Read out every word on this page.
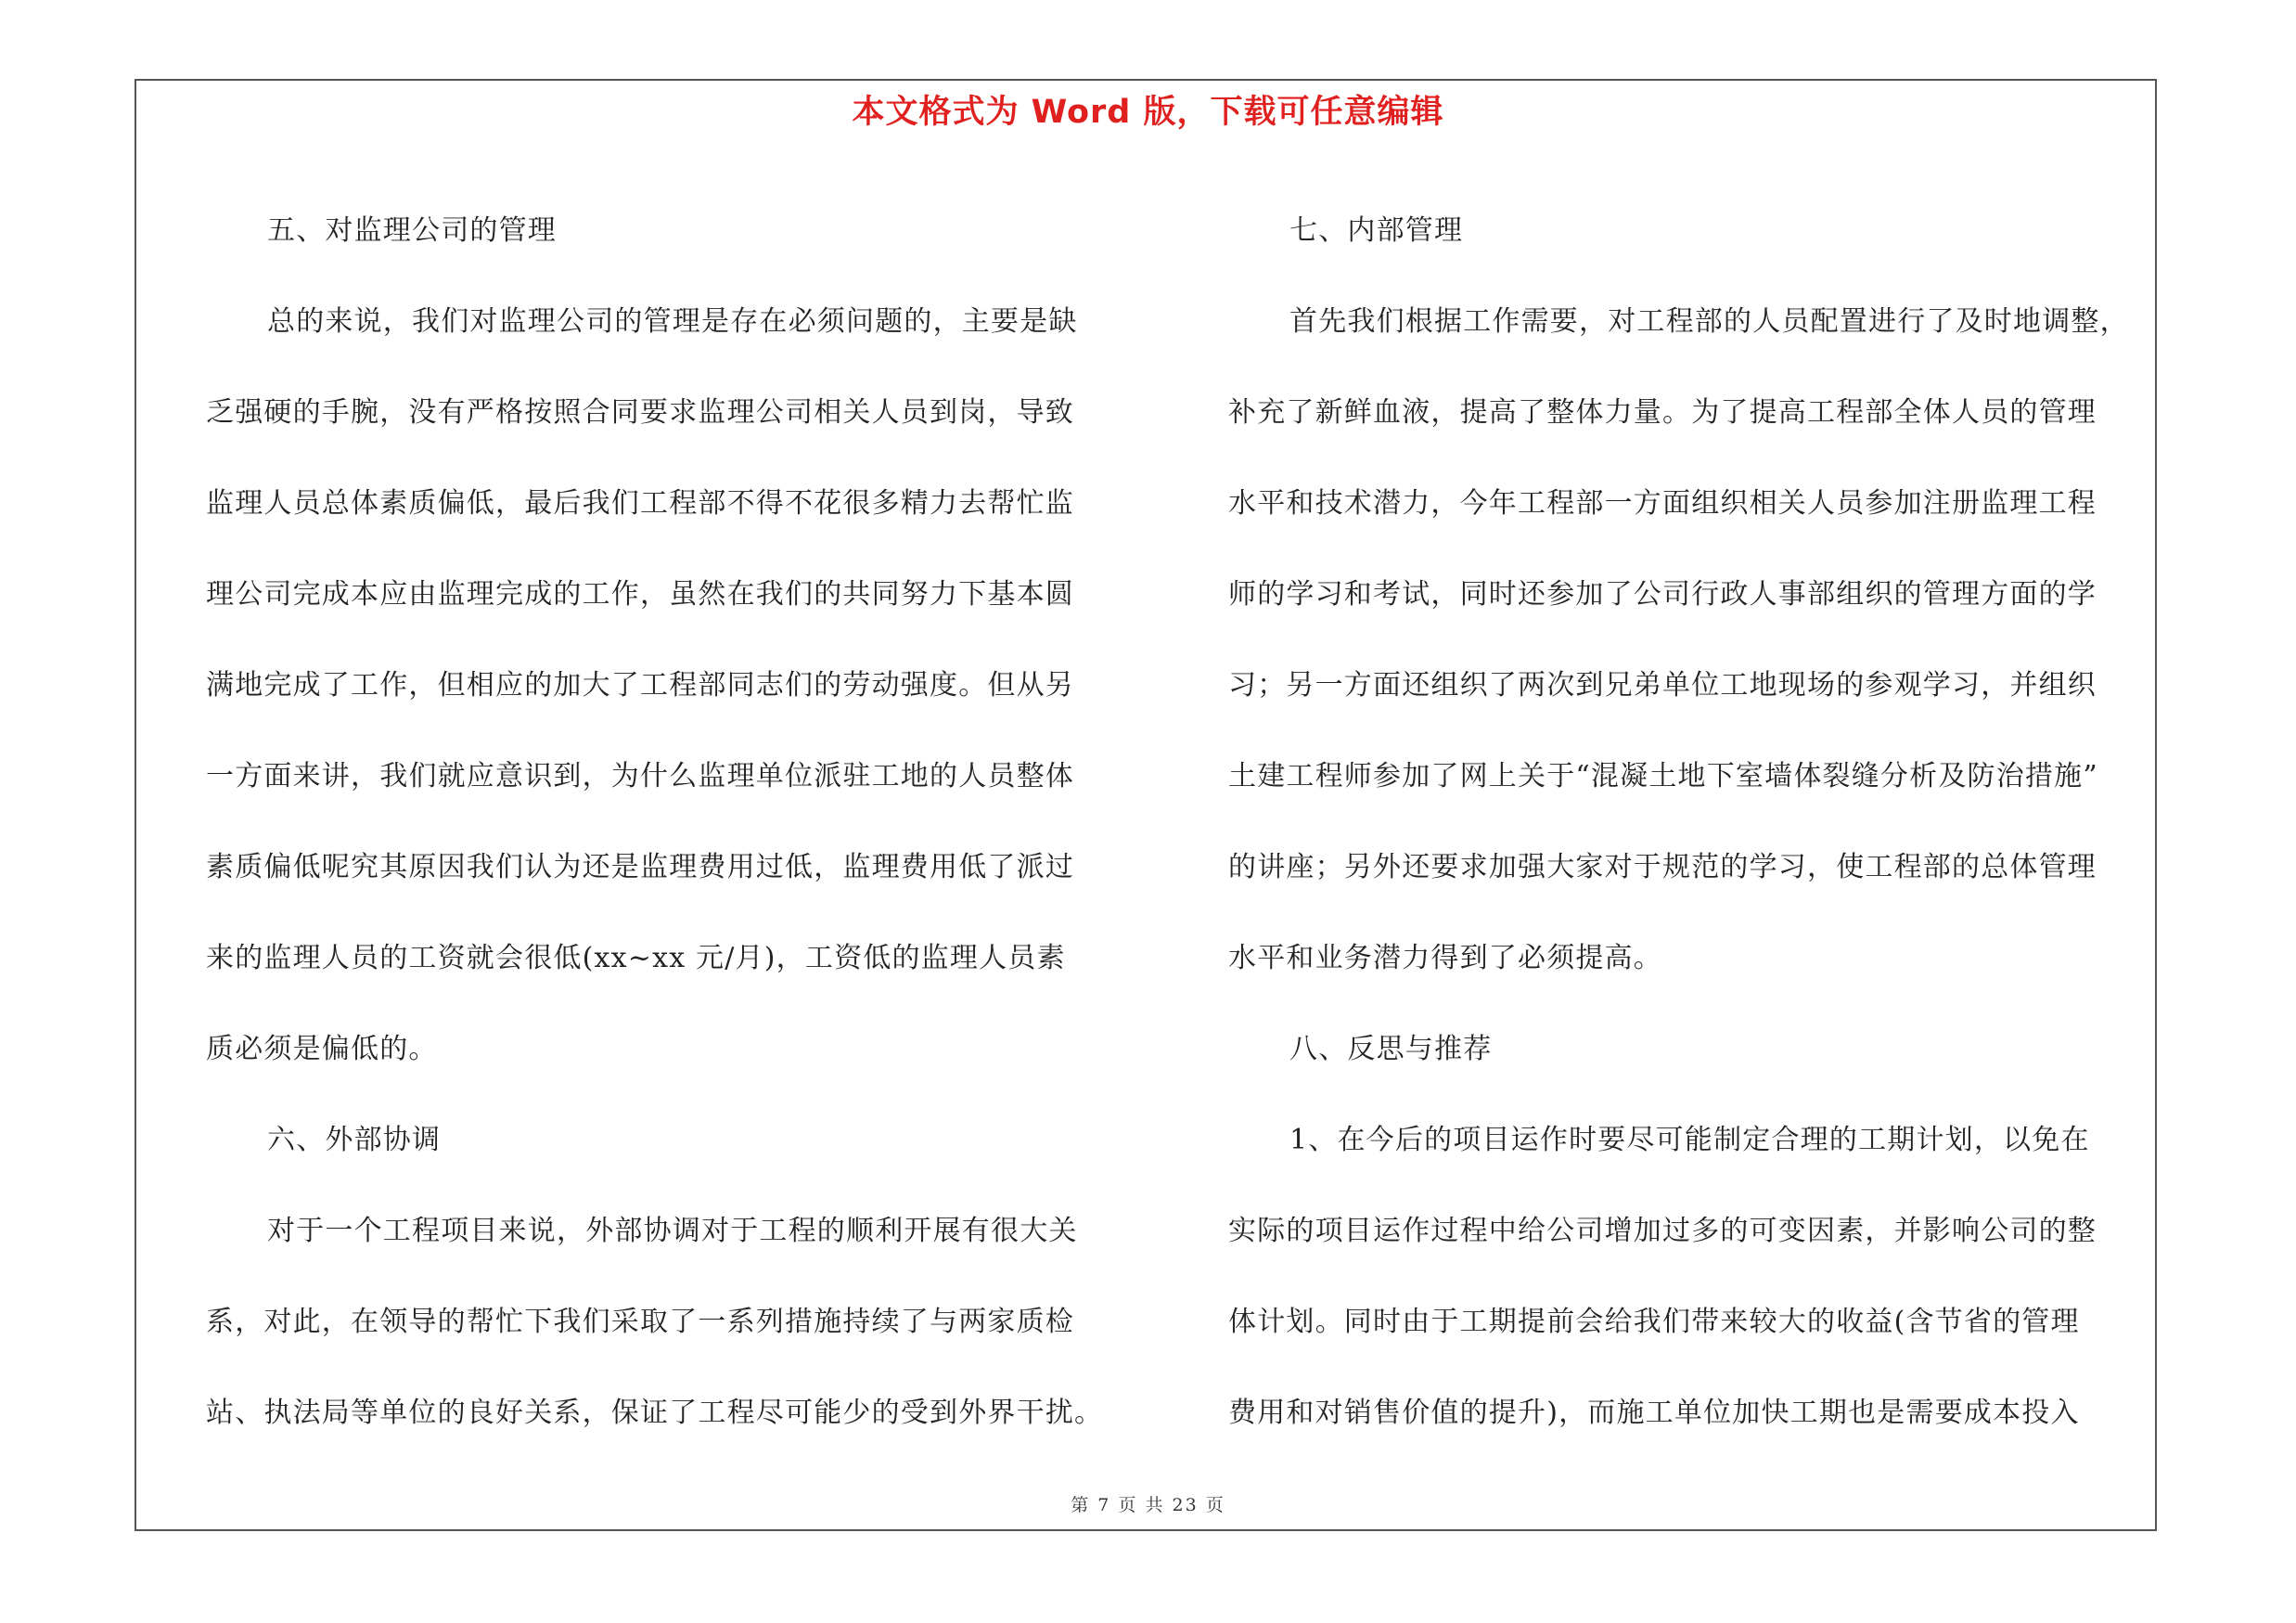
本文格式为 Word 版，下载可任意编辑
五、对监理公司的管理
总的来说，我们对监理公司的管理是存在必须问题的，主要是缺
乏强硬的手腕，没有严格按照合同要求监理公司相关人员到岗，导致
监理人员总体素质偏低，最后我们工程部不得不花很多精力去帮忙监
理公司完成本应由监理完成的工作，虽然在我们的共同努力下基本圆
满地完成了工作，但相应的加大了工程部同志们的劳动强度。但从另
一方面来讲，我们就应意识到，为什么监理单位派驻工地的人员整体
素质偏低呢究其原因我们认为还是监理费用过低，监理费用低了派过
来的监理人员的工资就会很低(xx~xx 元/月)，工资低的监理人员素
质必须是偏低的。
六、外部协调
对于一个工程项目来说，外部协调对于工程的顺利开展有很大关
系，对此，在领导的帮忙下我们采取了一系列措施持续了与两家质检
站、执法局等单位的良好关系，保证了工程尽可能少的受到外界干扰。
七、内部管理
首先我们根据工作需要，对工程部的人员配置进行了及时地调整，
补充了新鲜血液，提高了整体力量。为了提高工程部全体人员的管理
水平和技术潜力，今年工程部一方面组织相关人员参加注册监理工程
师的学习和考试，同时还参加了公司行政人事部组织的管理方面的学
习；另一方面还组织了两次到兄弟单位工地现场的参观学习，并组织
土建工程师参加了网上关于“混凝土地下室墙体裂缝分析及防治措施”
的讲座；另外还要求加强大家对于规范的学习，使工程部的总体管理
水平和业务潜力得到了必须提高。
八、反思与推荐
1、在今后的项目运作时要尽可能制定合理的工期计划，以免在
实际的项目运作过程中给公司增加过多的可变因素，并影响公司的整
体计划。同时由于工期提前会给我们带来较大的收益(含节省的管理
费用和对销售价值的提升)，而施工单位加快工期也是需要成本投入
第 7 页 共 23 页
